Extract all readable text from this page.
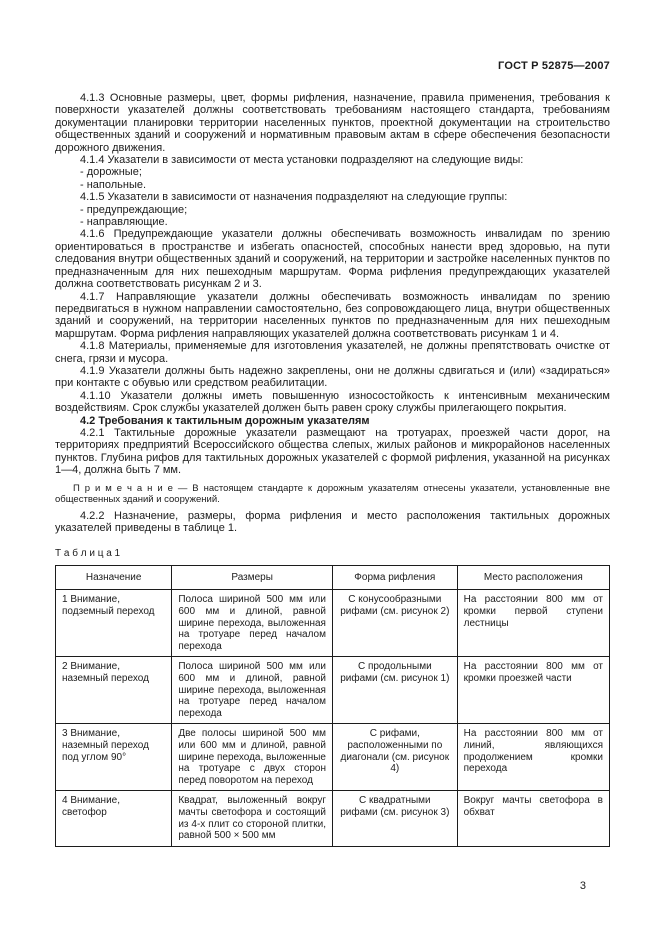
ГОСТ Р 52875—2007
4.1.3 Основные размеры, цвет, формы рифления, назначение, правила применения, требования к поверхности указателей должны соответствовать требованиям настоящего стандарта, требованиям документации планировки территории населенных пунктов, проектной документации на строительство общественных зданий и сооружений и нормативным правовым актам в сфере обеспечения безопасности дорожного движения.
4.1.4 Указатели в зависимости от места установки подразделяют на следующие виды:
- дорожные;
- напольные.
4.1.5 Указатели в зависимости от назначения подразделяют на следующие группы:
- предупреждающие;
- направляющие.
4.1.6 Предупреждающие указатели должны обеспечивать возможность инвалидам по зрению ориентироваться в пространстве и избегать опасностей, способных нанести вред здоровью, на пути следования внутри общественных зданий и сооружений, на территории и застройке населенных пунктов по предназначенным для них пешеходным маршрутам. Форма рифления предупреждающих указателей должна соответствовать рисункам 2 и 3.
4.1.7 Направляющие указатели должны обеспечивать возможность инвалидам по зрению передвигаться в нужном направлении самостоятельно, без сопровождающего лица, внутри общественных зданий и сооружений, на территории населенных пунктов по предназначенным для них пешеходным маршрутам. Форма рифления направляющих указателей должна соответствовать рисункам 1 и 4.
4.1.8 Материалы, применяемые для изготовления указателей, не должны препятствовать очистке от снега, грязи и мусора.
4.1.9 Указатели должны быть надежно закреплены, они не должны сдвигаться и (или) «задираться» при контакте с обувью или средством реабилитации.
4.1.10 Указатели должны иметь повышенную износостойкость к интенсивным механическим воздействиям. Срок службы указателей должен быть равен сроку службы прилегающего покрытия.
4.2 Требования к тактильным дорожным указателям
4.2.1 Тактильные дорожные указатели размещают на тротуарах, проезжей части дорог, на территориях предприятий Всероссийского общества слепых, жилых районов и микрорайонов населенных пунктов. Глубина рифов для тактильных дорожных указателей с формой рифления, указанной на рисунках 1—4, должна быть 7 мм.
П р и м е ч а н и е — В настоящем стандарте к дорожным указателям отнесены указатели, установленные вне общественных зданий и сооружений.
4.2.2 Назначение, размеры, форма рифления и место расположения тактильных дорожных указателей приведены в таблице 1.
Т а б л и ц а 1
Назначение	Размеры	Форма рифления	Место расположения
1 Внимание, подземный переход	Полоса шириной 500 мм или 600 мм и длиной, равной ширине перехода, выложенная на тротуаре перед началом перехода	С конусообразными рифами (см. рисунок 2)	На расстоянии 800 мм от кромки первой ступени лестницы
2 Внимание, наземный переход	Полоса шириной 500 мм или 600 мм и длиной, равной ширине перехода, выложенная на тротуаре перед началом перехода	С продольными рифами (см. рисунок 1)	На расстоянии 800 мм от кромки проезжей части
3 Внимание, наземный переход под углом 90°	Две полосы шириной 500 мм или 600 мм и длиной, равной ширине перехода, выложенные на тротуаре с двух сторон перед поворотом на переход	С рифами, расположенными по диагонали (см. рисунок 4)	На расстоянии 800 мм от линий, являющихся продолжением кромки перехода
4 Внимание, светофор	Квадрат, выложенный вокруг мачты светофора и состоящий из 4-х плит со стороной плитки, равной 500 × 500 мм	С квадратными рифами (см. рисунок 3)	Вокруг мачты светофора в обхват
3
